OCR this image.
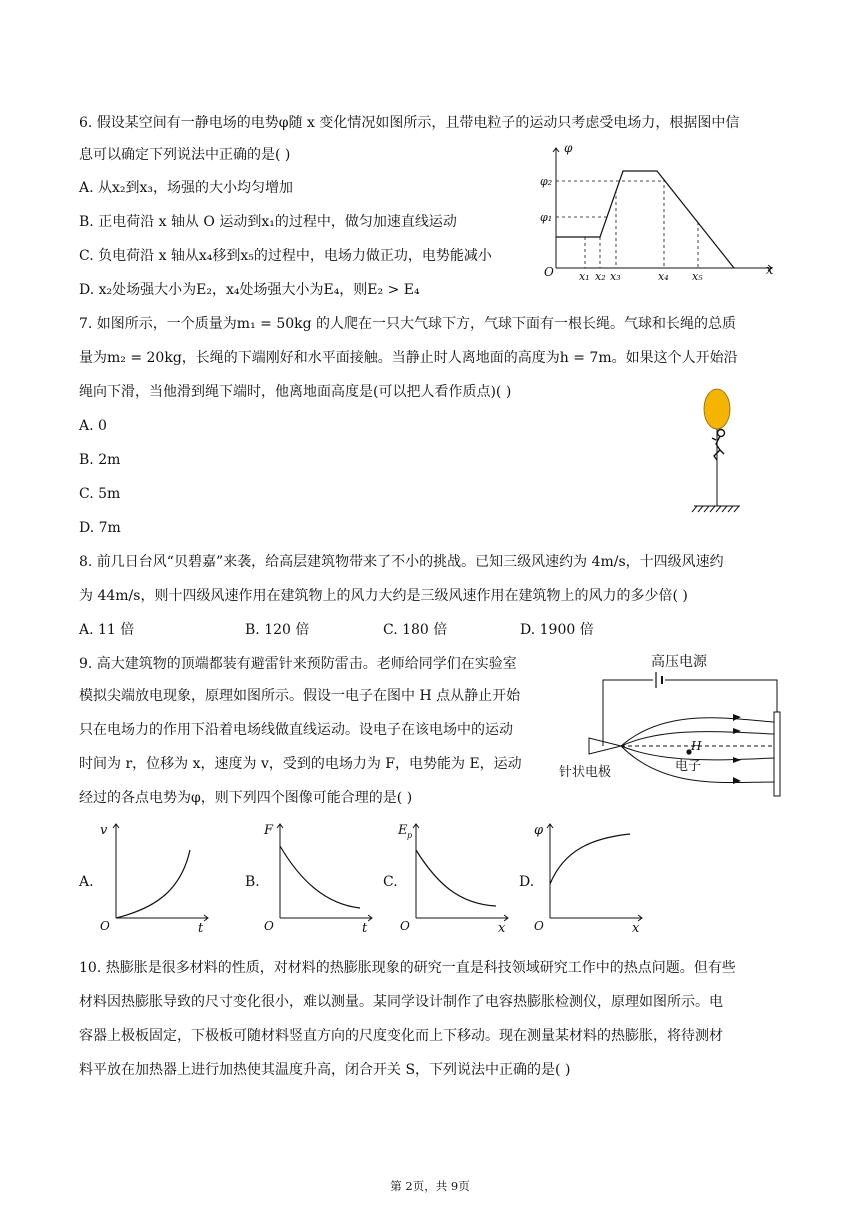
6. 假设某空间有一静电场的电势φ随 x 变化情况如图所示，且带电粒子的运动只考虑受电场力，根据图中信
息可以确定下列说法中正确的是( )
A. 从x₂到x₃，场强的大小均匀增加
B. 正电荷沿 x 轴从 O 运动到x₁的过程中，做匀加速直线运动
C. 负电荷沿 x 轴从x₄移到x₅的过程中，电场力做正功，电势能减小
D. x₂处场强大小为E₂，x₄处场强大小为E₄，则E₂ > E₄
φ
x
O
φ₂
φ₁
x₁ x₂ x₃	x₄ x₅
7. 如图所示，一个质量为m₁ = 50kg 的人爬在一只大气球下方，气球下面有一根长绳。气球和长绳的总质
量为m₂ = 20kg，长绳的下端刚好和水平面接触。当静止时人离地面的高度为h = 7m。如果这个人开始沿
绳向下滑，当他滑到绳下端时，他离地面高度是(可以把人看作质点)( )
A. 0
B. 2m
C. 5m
D. 7m
8. 前几日台风“贝碧嘉”来袭，给高层建筑物带来了不小的挑战。已知三级风速约为 4m/s，十四级风速约
为 44m/s，则十四级风速作用在建筑物上的风力大约是三级风速作用在建筑物上的风力的多少倍( )
A. 11 倍	B. 120 倍	C. 180 倍	D. 1900 倍
9. 高大建筑物的顶端都装有避雷针来预防雷击。老师给同学们在实验室
模拟尖端放电现象，原理如图所示。假设一电子在图中 H 点从静止开始
只在电场力的作用下沿着电场线做直线运动。设电子在该电场中的运动
时间为 r，位移为 x，速度为 v，受到的电场力为 F，电势能为 E，运动
经过的各点电势为φ，则下列四个图像可能合理的是( )
高压电源
H
电子
针状电极
A.
v
t
O
B.
F
t
O
C.
E p
x
O
D.
φ
x
O
10. 热膨胀是很多材料的性质，对材料的热膨胀现象的研究一直是科技领域研究工作中的热点问题。但有些
材料因热膨胀导致的尺寸变化很小，难以测量。某同学设计制作了电容热膨胀检测仪，原理如图所示。电
容器上极板固定，下极板可随材料竖直方向的尺度变化而上下移动。现在测量某材料的热膨胀，将待测材
料平放在加热器上进行加热使其温度升高，闭合开关 S，下列说法中正确的是( )
第 2页，共 9页
